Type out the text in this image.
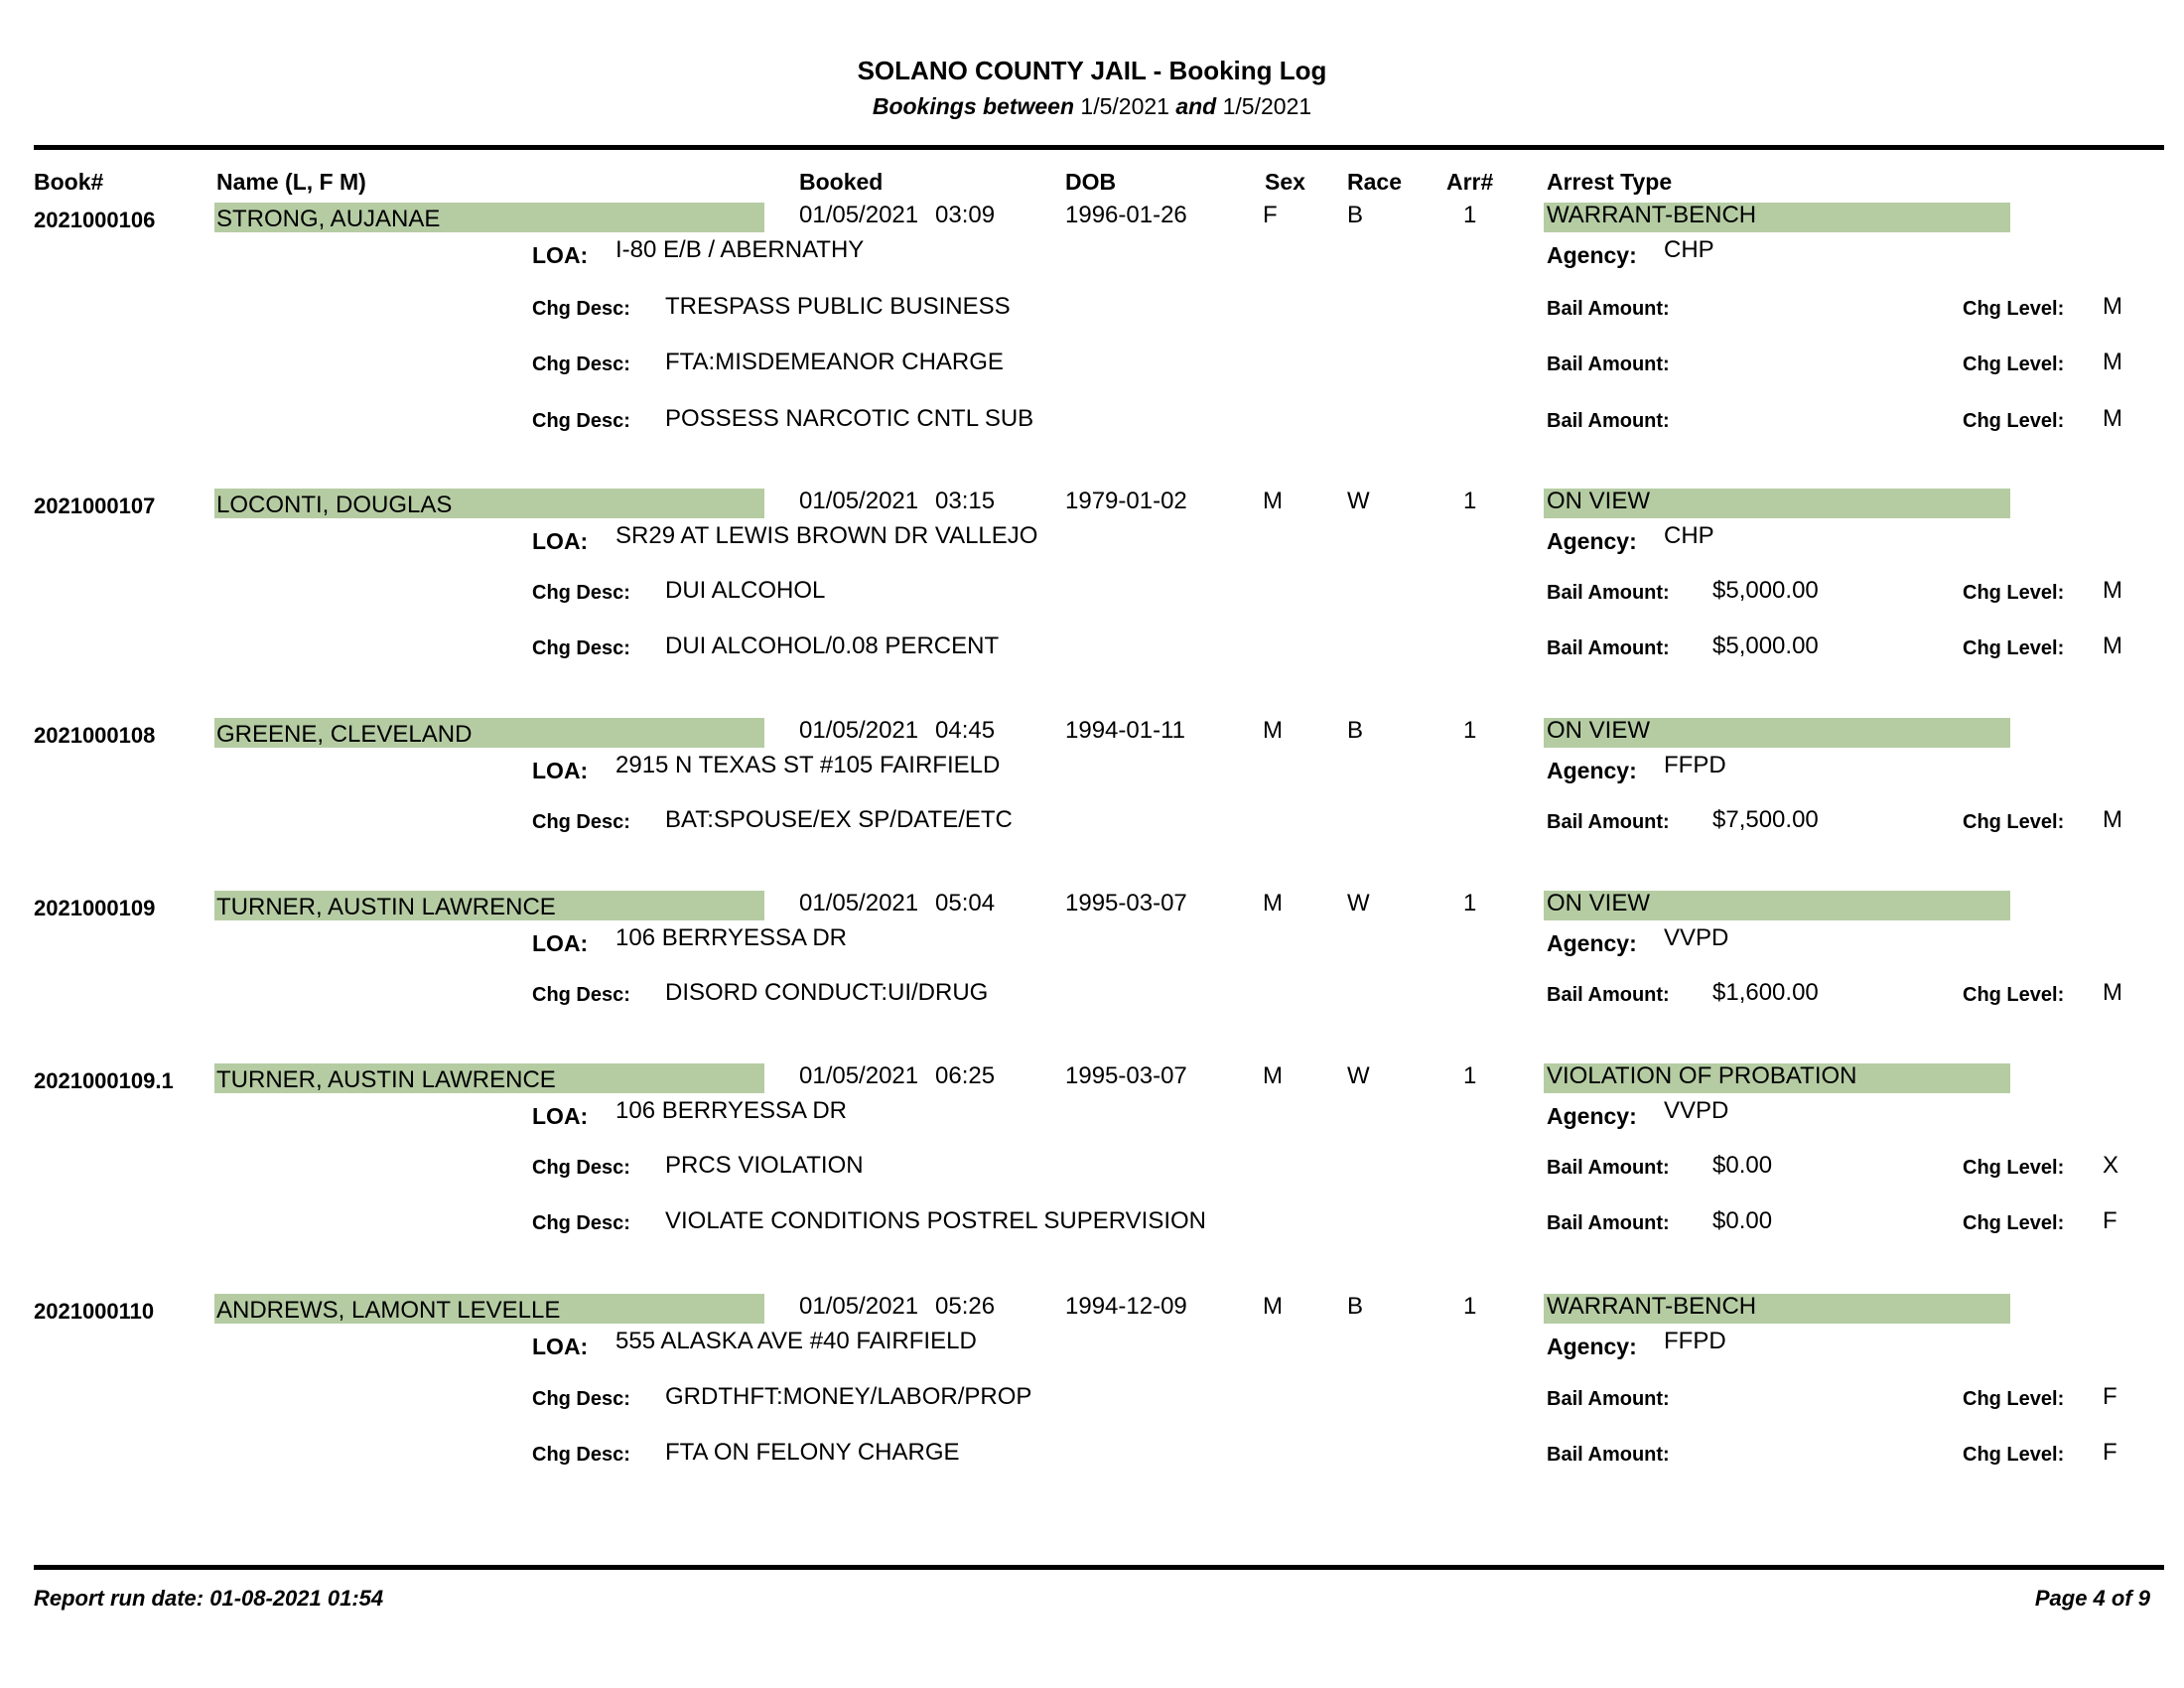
SOLANO COUNTY JAIL - Booking Log
Bookings between 1/5/2021 and 1/5/2021
Book#	Name (L, F M)	Booked	DOB	Sex Race Arr# Arrest Type
2021000106	STRONG, AUJANAE	01/05/2021 03:09	1996-01-26	F	B	1	WARRANT-BENCH
LOA: I-80 E/B / ABERNATHY	Agency: CHP
Chg Desc: TRESPASS PUBLIC BUSINESS	Bail Amount:	Chg Level: M
Chg Desc: FTA:MISDEMEANOR CHARGE	Bail Amount:	Chg Level: M
Chg Desc: POSSESS NARCOTIC CNTL SUB	Bail Amount:	Chg Level: M
2021000107	LOCONTI, DOUGLAS	01/05/2021 03:15	1979-01-02	M	W	1	ON VIEW
LOA: SR29 AT LEWIS BROWN DR VALLEJO	Agency: CHP
Chg Desc: DUI ALCOHOL	Bail Amount: $5,000.00	Chg Level: M
Chg Desc: DUI ALCOHOL/0.08 PERCENT	Bail Amount: $5,000.00	Chg Level: M
2021000108	GREENE, CLEVELAND	01/05/2021 04:45	1994-01-11	M	B	1	ON VIEW
LOA: 2915 N TEXAS ST #105 FAIRFIELD	Agency: FFPD
Chg Desc: BAT:SPOUSE/EX SP/DATE/ETC	Bail Amount: $7,500.00	Chg Level: M
2021000109	TURNER, AUSTIN LAWRENCE	01/05/2021 05:04	1995-03-07	M	W	1	ON VIEW
LOA: 106 BERRYESSA DR	Agency: VVPD
Chg Desc: DISORD CONDUCT:UI/DRUG	Bail Amount: $1,600.00	Chg Level: M
2021000109.1 TURNER, AUSTIN LAWRENCE	01/05/2021 06:25	1995-03-07	M	W	1	VIOLATION OF PROBATION
LOA: 106 BERRYESSA DR	Agency: VVPD
Chg Desc: PRCS VIOLATION	Bail Amount: $0.00	Chg Level: X
Chg Desc: VIOLATE CONDITIONS POSTREL SUPERVISION	Bail Amount: $0.00	Chg Level: F
2021000110	ANDREWS, LAMONT LEVELLE	01/05/2021 05:26	1994-12-09	M	B	1	WARRANT-BENCH
LOA: 555 ALASKA AVE #40 FAIRFIELD	Agency: FFPD
Chg Desc: GRDTHFT:MONEY/LABOR/PROP	Bail Amount:	Chg Level: F
Chg Desc: FTA ON FELONY CHARGE	Bail Amount:	Chg Level: F
Report run date: 01-08-2021 01:54	Page 4 of 9
